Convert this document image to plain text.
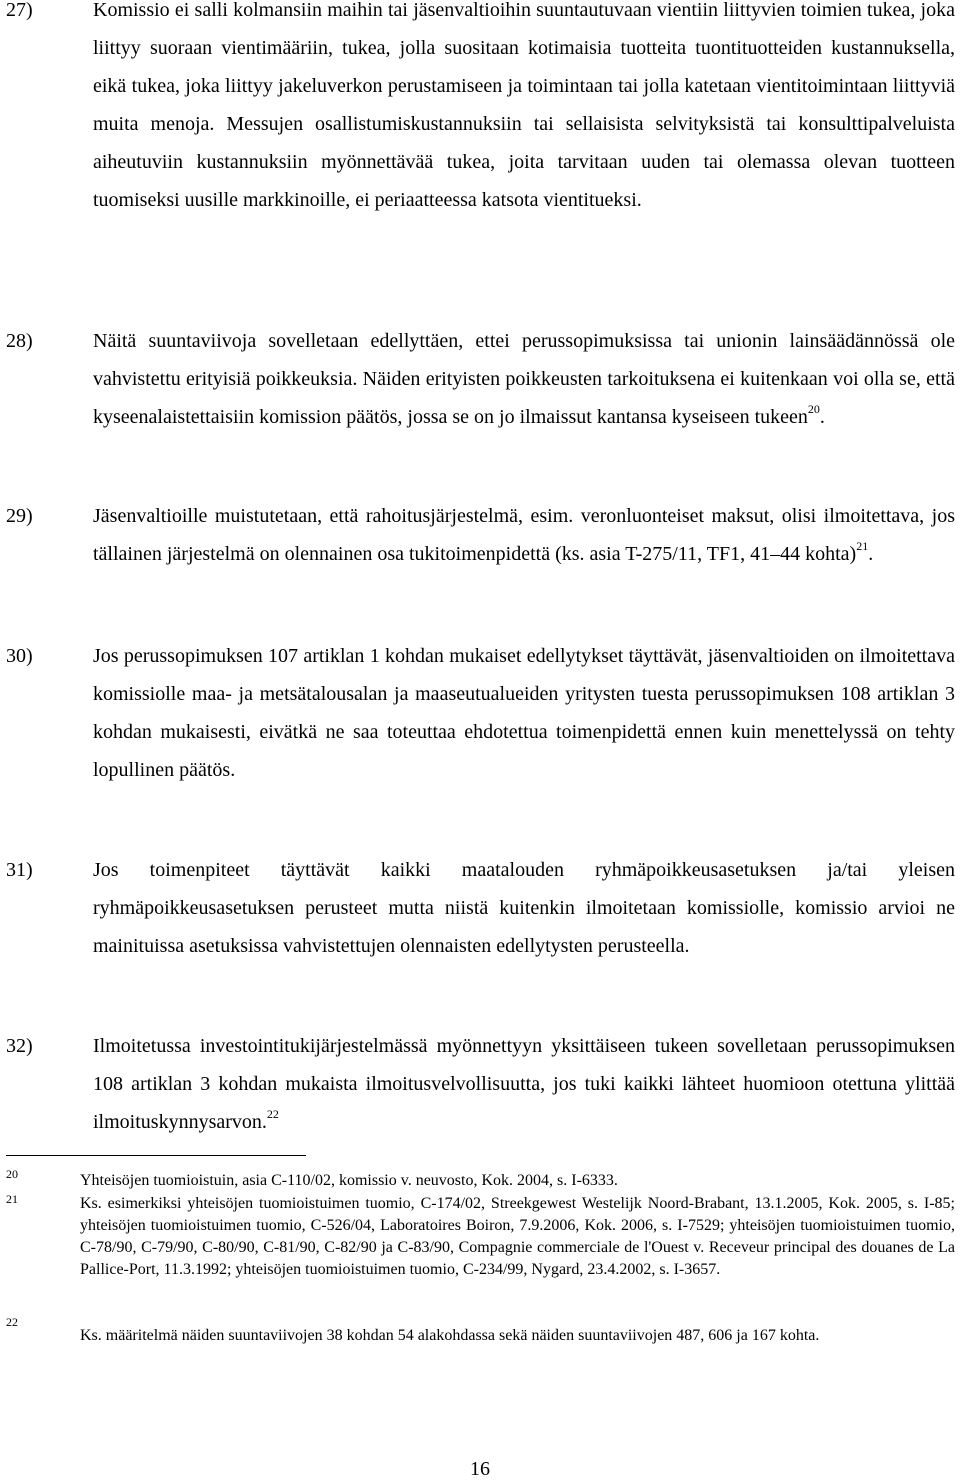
27)	Komissio ei salli kolmansiin maihin tai jäsenvaltioihin suuntautuvaan vientiin liittyvien toimien tukea, joka liittyy suoraan vientimääriin, tukea, jolla suositaan kotimaisia tuotteita tuontituotteiden kustannuksella, eikä tukea, joka liittyy jakeluverkon perustamiseen ja toimintaan tai jolla katetaan vientitoimintaan liittyviä muita menoja. Messujen osallistumiskustannuksiin tai sellaisista selvityksistä tai konsulttipalveluista aiheutuviin kustannuksiin myönnettävää tukea, joita tarvitaan uuden tai olemassa olevan tuotteen tuomiseksi uusille markkinoille, ei periaatteessa katsota vientitueksi.
28)	Näitä suuntaviivoja sovelletaan edellyttäen, ettei perussopimuksissa tai unionin lainsäädännössä ole vahvistettu erityisiä poikkeuksia. Näiden erityisten poikkeusten tarkoituksena ei kuitenkaan voi olla se, että kyseenalaistettaisiin komission päätös, jossa se on jo ilmaissut kantansa kyseiseen tukeen$^{20}$.
29)	Jäsenvaltioille muistutetaan, että rahoitusjärjestelmä, esim. veronluonteiset maksut, olisi ilmoitettava, jos tällainen järjestelmä on olennainen osa tukitoimenpidettä (ks. asia T-275/11, TF1, 41–44 kohta)$^{21}$.
30)	Jos perussopimuksen 107 artiklan 1 kohdan mukaiset edellytykset täyttävät, jäsenvaltioiden on ilmoitettava komissiolle maa- ja metsätalousalan ja maaseutualueiden yritysten tuesta perussopimuksen 108 artiklan 3 kohdan mukaisesti, eivätkä ne saa toteuttaa ehdotettua toimenpidettä ennen kuin menettelyssä on tehty lopullinen päätös.
31)	Jos toimenpiteet täyttävät kaikki maatalouden ryhmäpoikkeusasetuksen ja/tai yleisen ryhmäpoikkeusasetuksen perusteet mutta niistä kuitenkin ilmoitetaan komissiolle, komissio arvioi ne mainituissa asetuksissa vahvistettujen olennaisten edellytysten perusteella.
32)	Ilmoitetussa investointitukijärjestelmässä myönnettyyn yksittäiseen tukeen sovelletaan perussopimuksen 108 artiklan 3 kohdan mukaista ilmoitusvelvollisuutta, jos tuki kaikki lähteet huomioon otettuna ylittää ilmoituskynnysarvon.$^{22}$
20	Yhteisöjen tuomioistuin, asia C-110/02, komissio v. neuvosto, Kok. 2004, s. I-6333.
21	Ks. esimerkiksi yhteisöjen tuomioistuimen tuomio, C-174/02, Streekgewest Westelijk Noord-Brabant, 13.1.2005, Kok. 2005, s. I-85; yhteisöjen tuomioistuimen tuomio, C-526/04, Laboratoires Boiron, 7.9.2006, Kok. 2006, s. I-7529; yhteisöjen tuomioistuimen tuomio, C-78/90, C-79/90, C-80/90, C-81/90, C-82/90 ja C-83/90, Compagnie commerciale de l'Ouest v. Receveur principal des douanes de La Pallice-Port, 11.3.1992; yhteisöjen tuomioistuimen tuomio, C-234/99, Nygard, 23.4.2002, s. I-3657.
22
Ks. määritelmä näiden suuntaviivojen 38 kohdan 54 alakohdassa sekä näiden suuntaviivojen 487, 606 ja 167 kohta.
16
